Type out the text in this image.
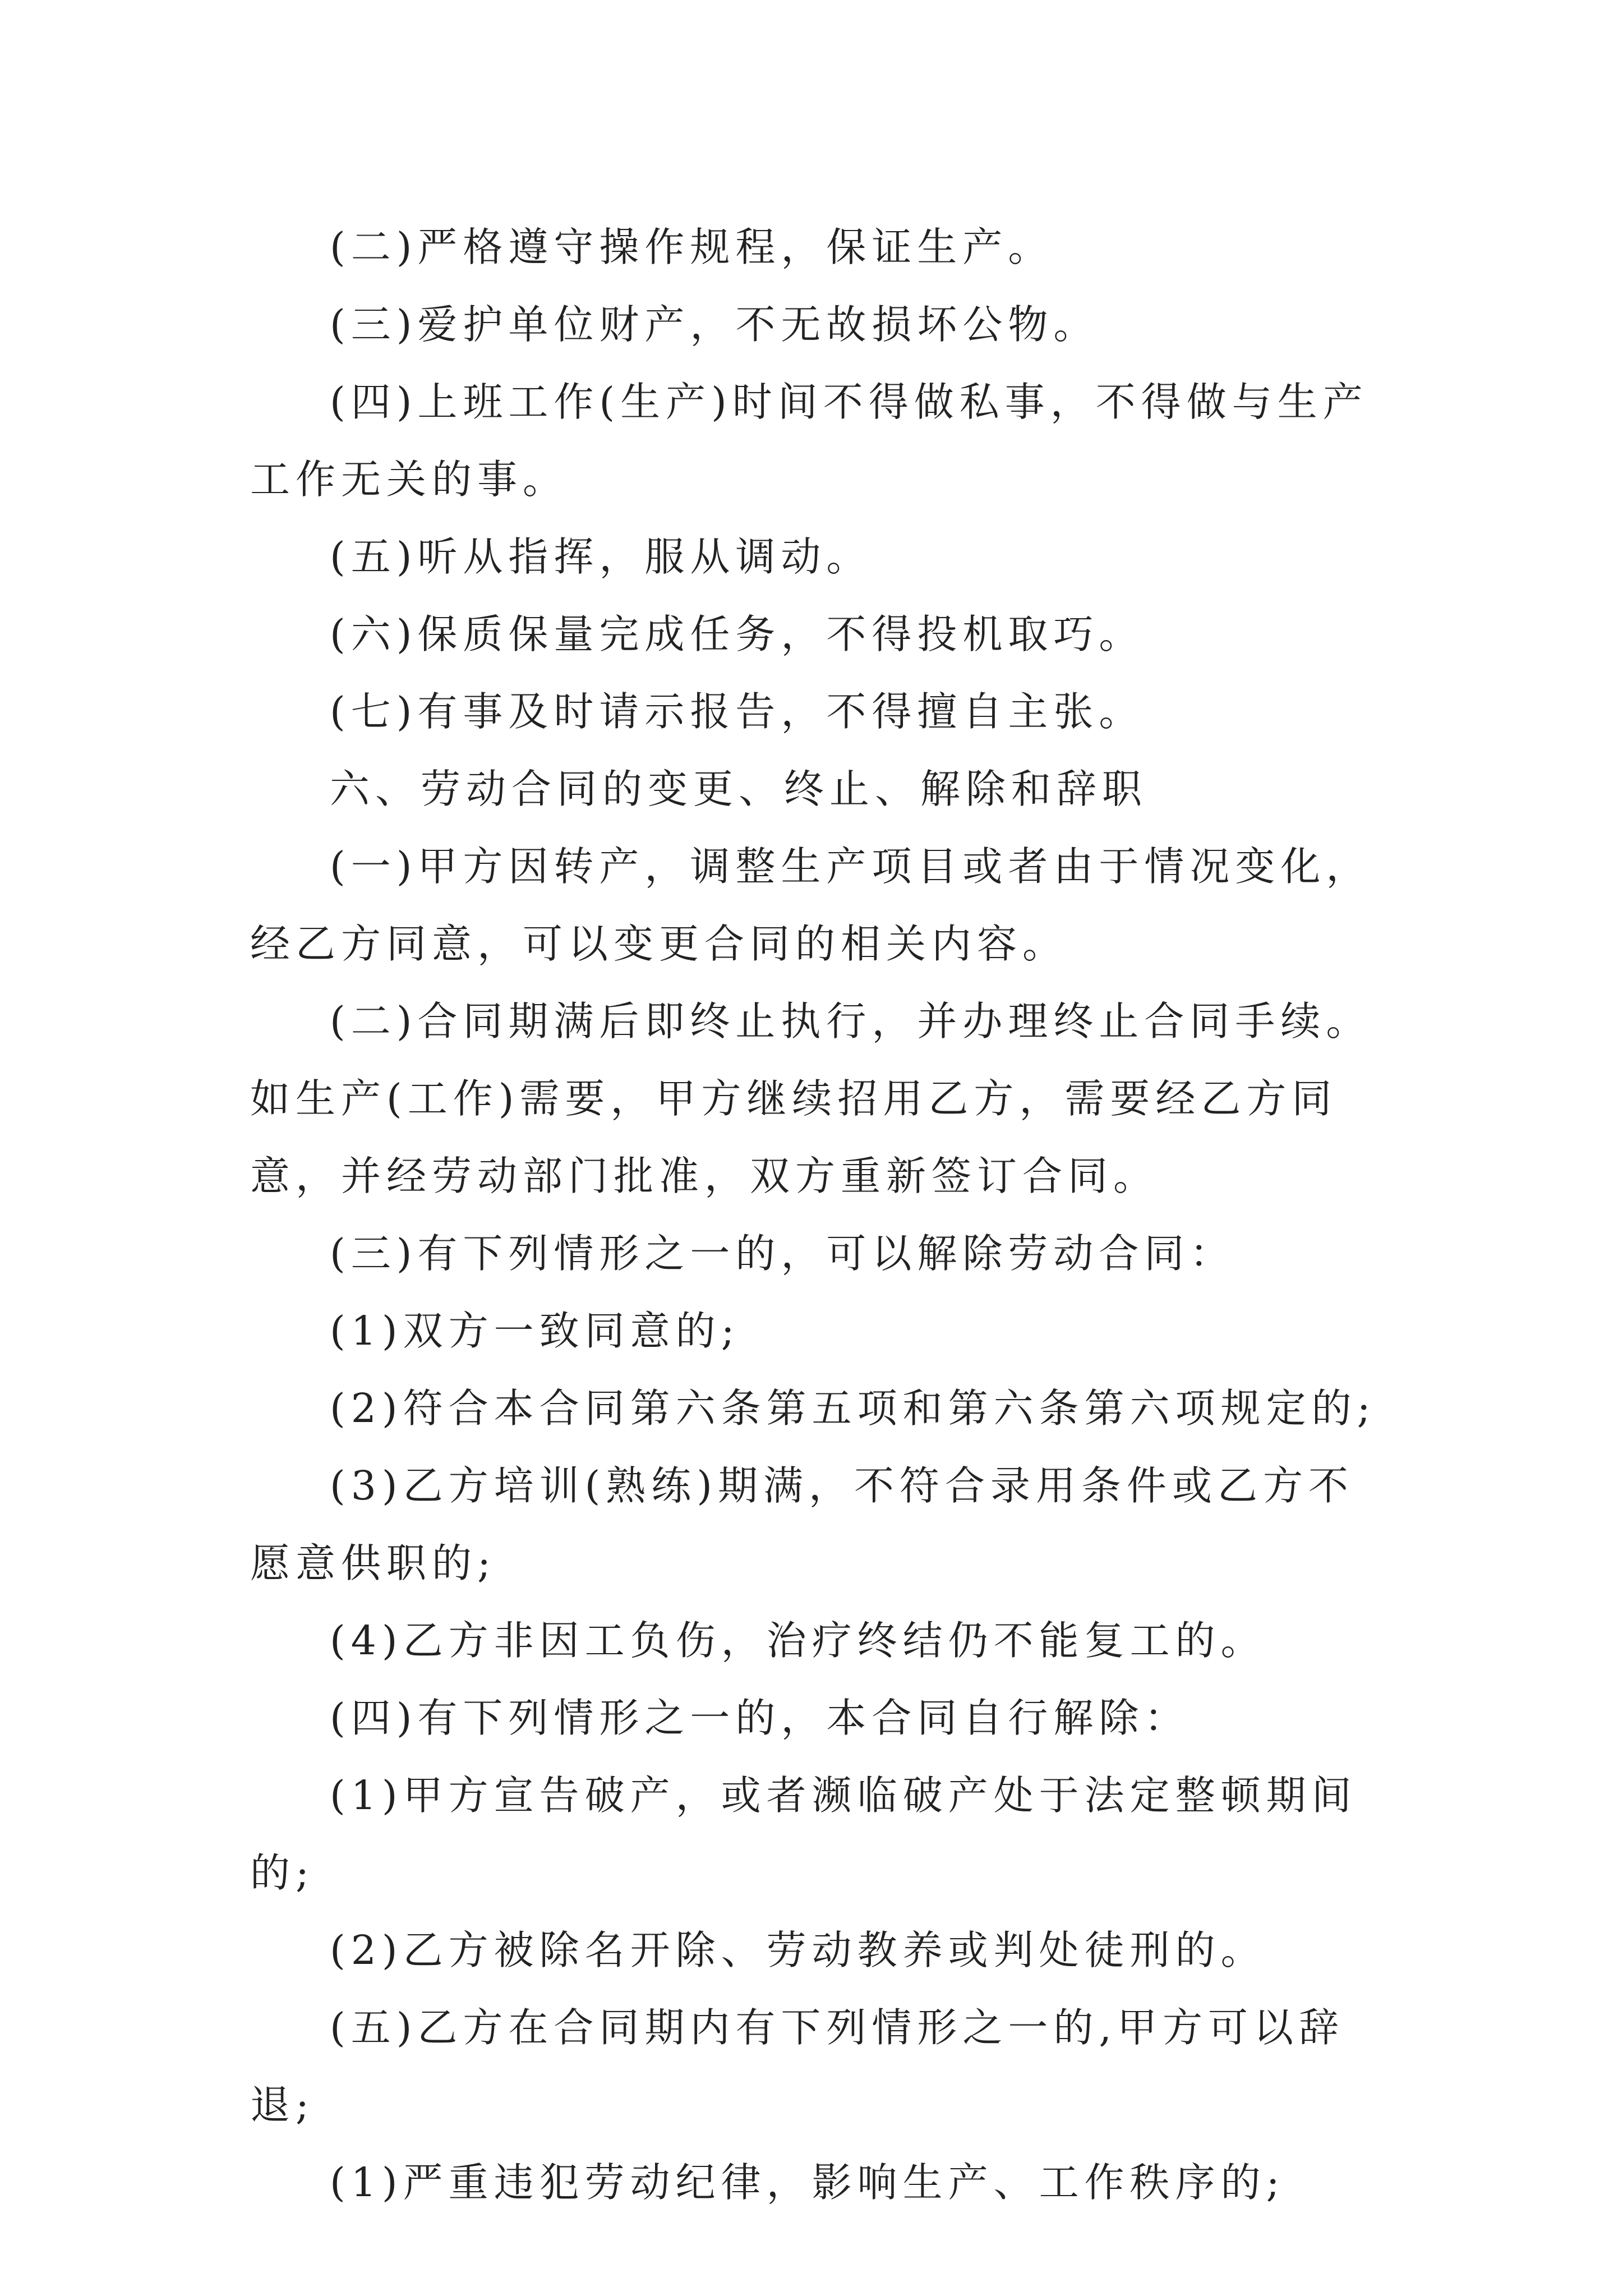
(二)严格遵守操作规程，保证生产。

(三)爱护单位财产，不无故损坏公物。

(四)上班工作(生产)时间不得做私事，不得做与生产工作无关的事。

(五)听从指挥，服从调动。

(六)保质保量完成任务，不得投机取巧。

(七)有事及时请示报告，不得擅自主张。

六、劳动合同的变更、终止、解除和辞职

(一)甲方因转产，调整生产项目或者由于情况变化，经乙方同意，可以变更合同的相关内容。

(二)合同期满后即终止执行，并办理终止合同手续。如生产(工作)需要，甲方继续招用乙方，需要经乙方同意，并经劳动部门批准，双方重新签订合同。

(三)有下列情形之一的，可以解除劳动合同：

(1)双方一致同意的;

(2)符合本合同第六条第五项和第六条第六项规定的;

(3)乙方培训(熟练)期满，不符合录用条件或乙方不愿意供职的;

(4)乙方非因工负伤，治疗终结仍不能复工的。

(四)有下列情形之一的，本合同自行解除：

(1)甲方宣告破产，或者濒临破产处于法定整顿期间的;

(2)乙方被除名开除、劳动教养或判处徒刑的。

(五)乙方在合同期内有下列情形之一的,甲方可以辞退;

(1)严重违犯劳动纪律，影响生产、工作秩序的;
